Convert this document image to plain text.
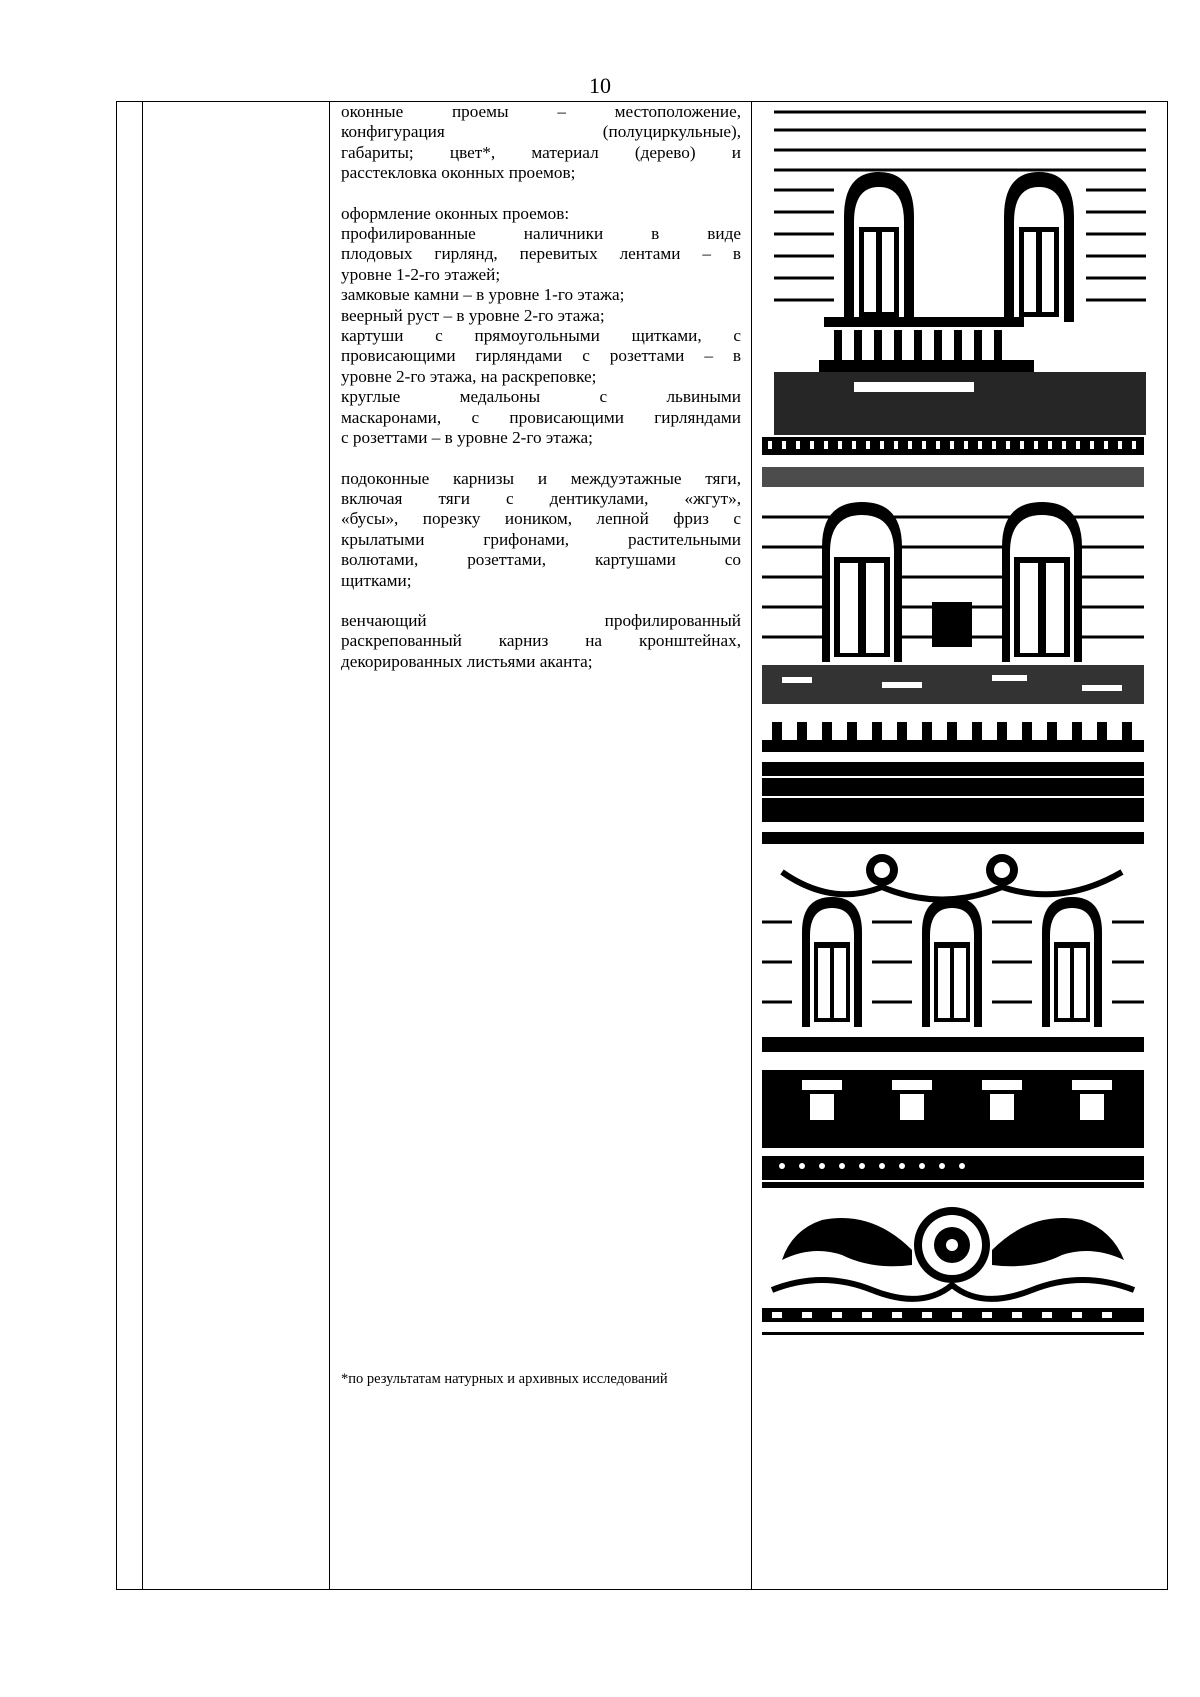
10

оконные проемы – местоположение,
конфигурация (полуциркульные),
габариты; цвет*, материал (дерево) и
расстекловка оконных проемов;
оформление оконных проемов:
профилированные наличники в виде
плодовых гирлянд, перевитых лентами – в
уровне 1-2-го этажей;
замковые камни – в уровне 1-го этажа;
веерный руст – в уровне 2-го этажа;
картуши с прямоугольными щитками, с
провисающими гирляндами с розеттами – в
уровне 2-го этажа, на раскреповке;
круглые медальоны с львиными
маскаронами, с провисающими гирляндами
с розеттами – в уровне 2-го этажа;
подоконные карнизы и междуэтажные тяги,
включая тяги с дентикулами, «жгут»,
«бусы», порезку иоником, лепной фриз с
крылатыми грифонами, растительными
волютами, розеттами, картушами со
щитками;
венчающий профилированный
раскрепованный карниз на кронштейнах,
декорированных листьями аканта;
*по результатам натурных и архивных исследований
